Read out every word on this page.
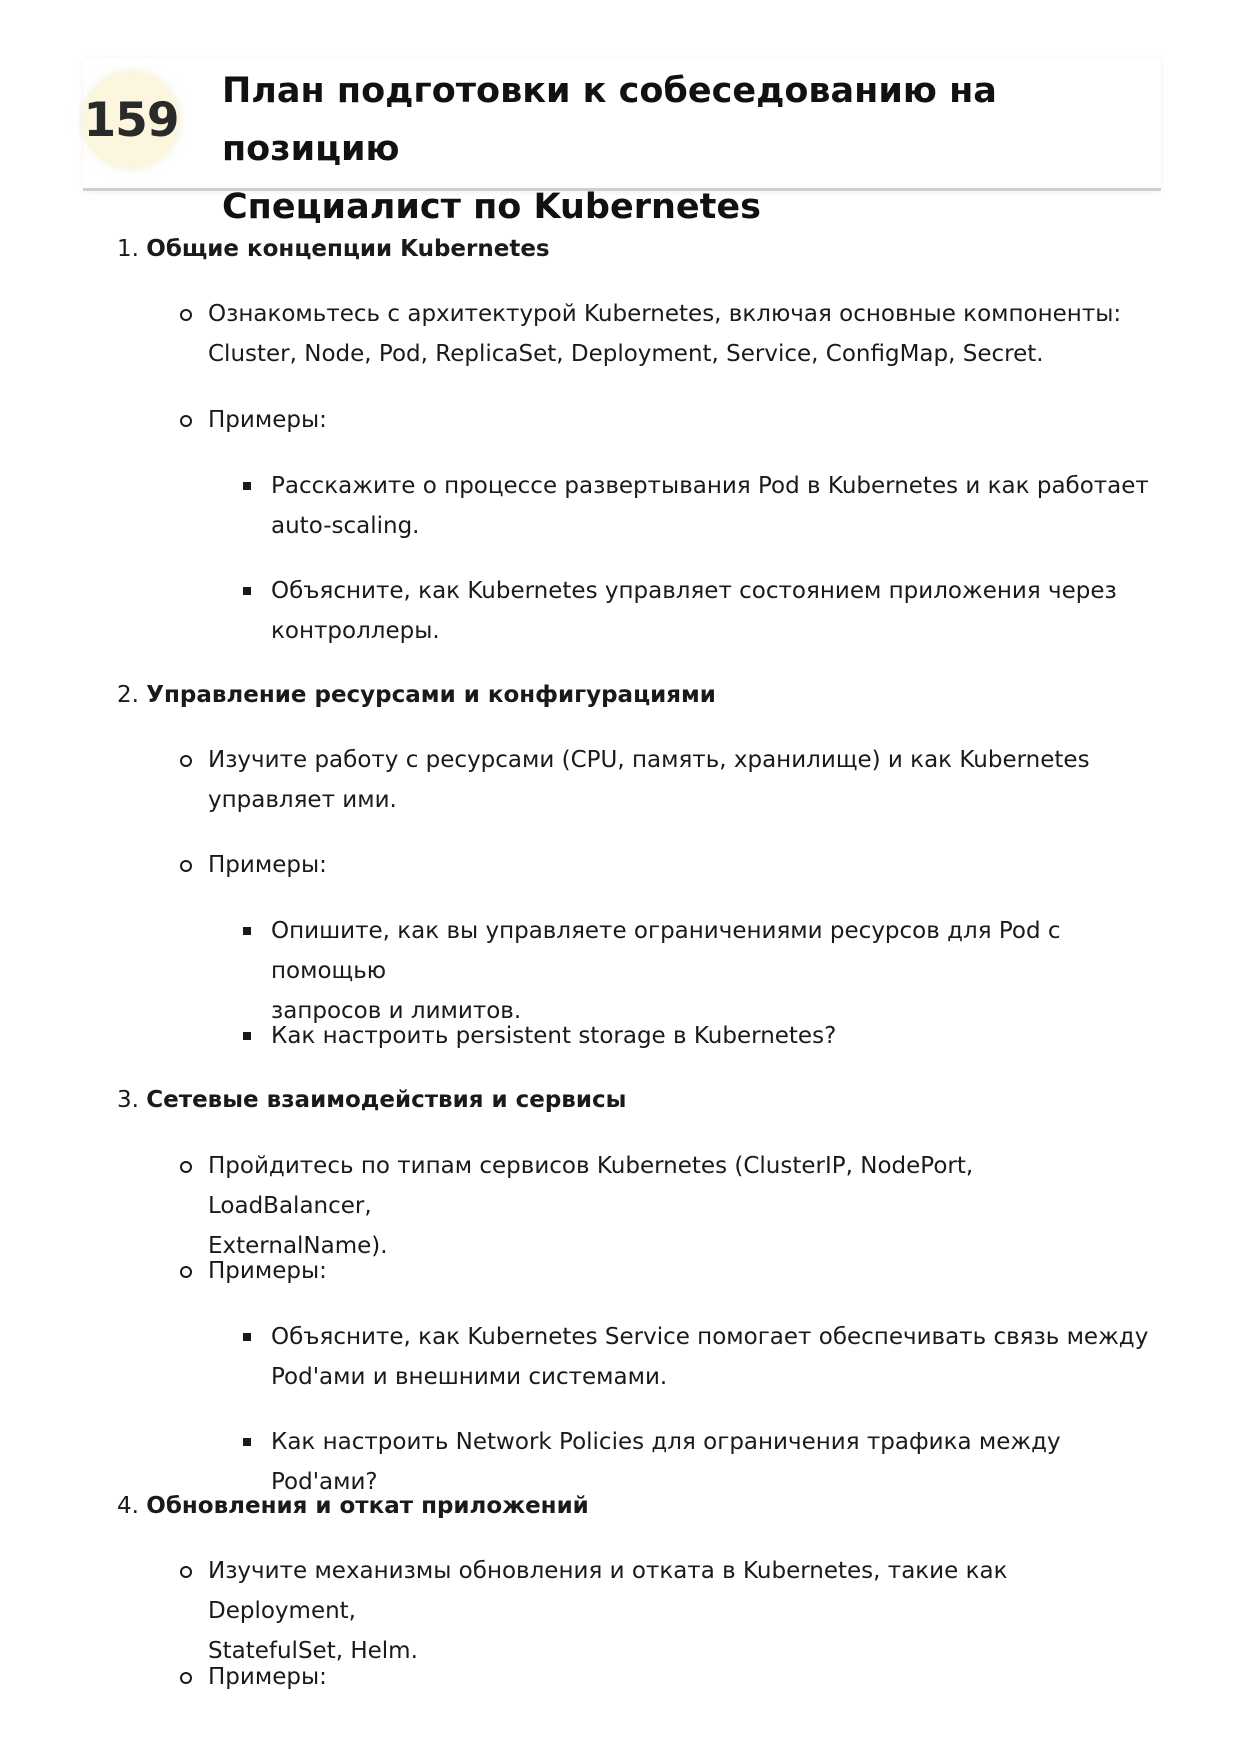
159
План подготовки к собеседованию на позицию
Специалист по Kubernetes
1. Общие концепции Kubernetes
Ознакомьтесь с архитектурой Kubernetes, включая основные компоненты:
Cluster, Node, Pod, ReplicaSet, Deployment, Service, ConfigMap, Secret.
Примеры:
Расскажите о процессе развертывания Pod в Kubernetes и как работает
auto-scaling.
Объясните, как Kubernetes управляет состоянием приложения через
контроллеры.
2. Управление ресурсами и конфигурациями
Изучите работу с ресурсами (CPU, память, хранилище) и как Kubernetes
управляет ими.
Примеры:
Опишите, как вы управляете ограничениями ресурсов для Pod с помощью
запросов и лимитов.
Как настроить persistent storage в Kubernetes?
3. Сетевые взаимодействия и сервисы
Пройдитесь по типам сервисов Kubernetes (ClusterIP, NodePort, LoadBalancer,
ExternalName).
Примеры:
Объясните, как Kubernetes Service помогает обеспечивать связь между
Pod'ами и внешними системами.
Как настроить Network Policies для ограничения трафика между Pod'ами?
4. Обновления и откат приложений
Изучите механизмы обновления и отката в Kubernetes, такие как Deployment,
StatefulSet, Helm.
Примеры:
